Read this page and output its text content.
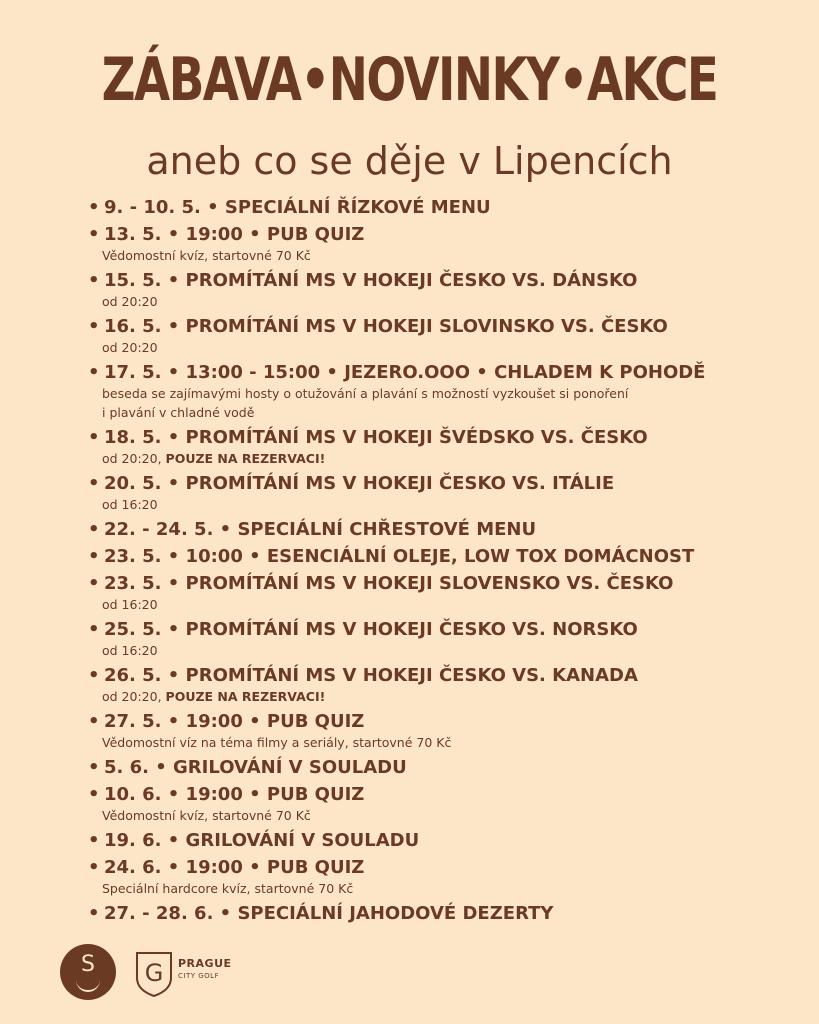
ZÁBAVA•NOVINKY•AKCE
aneb co se děje v Lipencích
• 9. - 10. 5. • SPECIÁLNÍ ŘÍZKOVÉ MENU
• 13. 5. • 19:00 • PUB QUIZ
Vědomostní kvíz, startovné 70 Kč
• 15. 5. • PROMÍTÁNÍ MS V HOKEJI ČESKO VS. DÁNSKO
od 20:20
• 16. 5. • PROMÍTÁNÍ MS V HOKEJI SLOVINSKO VS. ČESKO
od 20:20
• 17. 5. • 13:00 - 15:00 • JEZERO.OOO • CHLADEM K POHODĚ
beseda se zajímavými hosty o otužování a plavání s možností vyzkoušet si ponoření
i plavání v chladné vodě
• 18. 5. • PROMÍTÁNÍ MS V HOKEJI ŠVÉDSKO VS. ČESKO
od 20:20, POUZE NA REZERVACI!
• 20. 5. • PROMÍTÁNÍ MS V HOKEJI ČESKO VS. ITÁLIE
od 16:20
• 22. - 24. 5. • SPECIÁLNÍ CHŘESTOVÉ MENU
• 23. 5. • 10:00 • ESENCIÁLNÍ OLEJE, LOW TOX DOMÁCNOST
• 23. 5. • PROMÍTÁNÍ MS V HOKEJI SLOVENSKO VS. ČESKO
od 16:20
• 25. 5. • PROMÍTÁNÍ MS V HOKEJI ČESKO VS. NORSKO
od 16:20
• 26. 5. • PROMÍTÁNÍ MS V HOKEJI ČESKO VS. KANADA
od 20:20, POUZE NA REZERVACI!
• 27. 5. • 19:00 • PUB QUIZ
Vědomostní víz na téma filmy a seriály, startovné 70 Kč
• 5. 6. • GRILOVÁNÍ V SOULADU
• 10. 6. • 19:00 • PUB QUIZ
Vědomostní kvíz, startovné 70 Kč
• 19. 6. • GRILOVÁNÍ V SOULADU
• 24. 6. • 19:00 • PUB QUIZ
Speciální hardcore kvíz, startovné 70 Kč
• 27. - 28. 6. • SPECIÁLNÍ JAHODOVÉ DEZERTY
S	G PRAGUE
CITY GOLF
